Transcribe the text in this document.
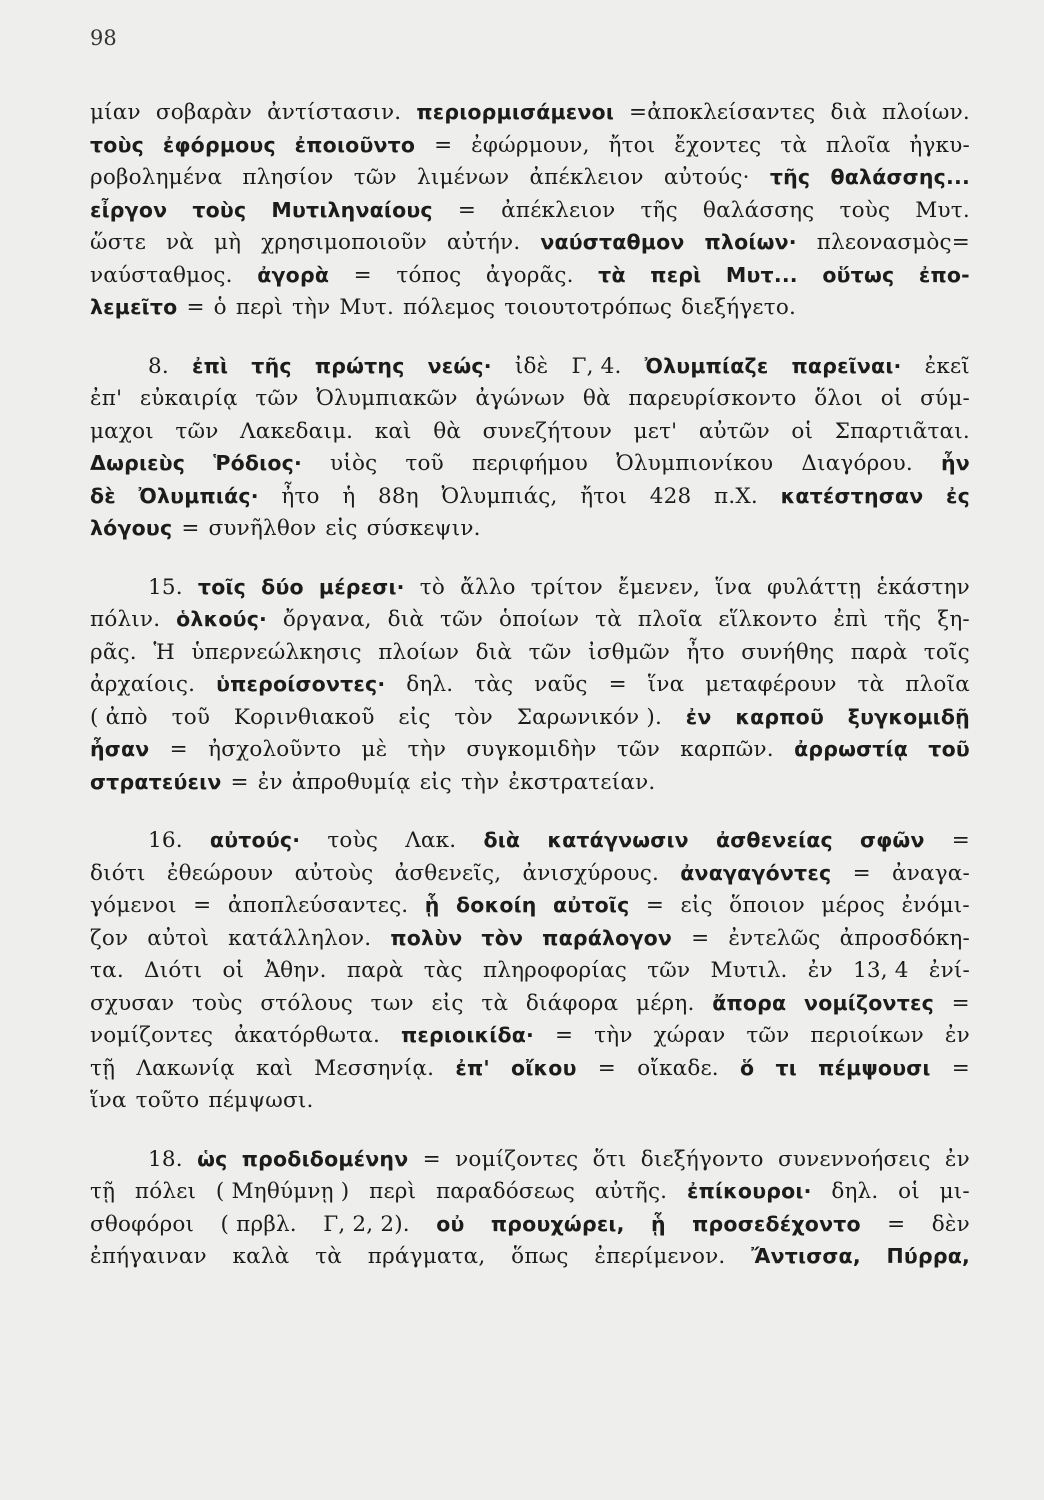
98
μίαν σοβαρὰν ἀντίστασιν. περιορμισάμενοι =ἀποκλείσαντες διὰ πλοίων.
τοὺς ἐφόρμους ἐποιοῦντο = ἐφώρμουν, ἤτοι ἔχοντες τὰ πλοῖα ἠγκυ-
ροβολημένα πλησίον τῶν λιμένων ἀπέκλειον αὐτούς· τῆς θαλάσσης...
εἶργον τοὺς Μυτιληναίους = ἀπέκλειον τῆς θαλάσσης τοὺς Μυτ.
ὥστε νὰ μὴ χρησιμοποιοῦν αὐτήν. ναύσταθμον πλοίων· πλεονασμὸς=
ναύσταθμος. ἀγορὰ = τόπος ἀγορᾶς. τὰ περὶ Μυτ... οὕτως ἐπο-
λεμεῖτο = ὁ περὶ τὴν Μυτ. πόλεμος τοιουτοτρόπως διεξήγετο.
8. ἐπὶ τῆς πρώτης νεώς· ἰδὲ Γ, 4. Ὀλυμπίαζε παρεῖναι· ἐκεῖ
ἐπ' εὐκαιρίᾳ τῶν Ὀλυμπιακῶν ἀγώνων θὰ παρευρίσκοντο ὅλοι οἱ σύμ-
μαχοι τῶν Λακεδαιμ. καὶ θὰ συνεζήτουν μετ' αὐτῶν οἱ Σπαρτιᾶται.
Δωριεὺς Ῥόδιος· υἱὸς τοῦ περιφήμου Ὀλυμπιονίκου Διαγόρου. ἦν
δὲ Ὀλυμπιάς· ἦτο ἡ 88η Ὀλυμπιάς, ἤτοι 428 π.Χ. κατέστησαν ἐς
λόγους = συνῆλθον εἰς σύσκεψιν.
15. τοῖς δύο μέρεσι· τὸ ἄλλο τρίτον ἔμενεν, ἵνα φυλάττῃ ἑκάστην
πόλιν. ὁλκούς· ὄργανα, διὰ τῶν ὁποίων τὰ πλοῖα εἵλκοντο ἐπὶ τῆς ξη-
ρᾶς. Ἡ ὑπερνεώλκησις πλοίων διὰ τῶν ἰσθμῶν ἦτο συνήθης παρὰ τοῖς
ἀρχαίοις. ὑπεροίσοντες· δηλ. τὰς ναῦς = ἵνα μεταφέρουν τὰ πλοῖα
( ἀπὸ τοῦ Κορινθιακοῦ εἰς τὸν Σαρωνικόν ). ἐν καρποῦ ξυγκομιδῇ
ἦσαν = ἠσχολοῦντο μὲ τὴν συγκομιδὴν τῶν καρπῶν. ἀρρωστίᾳ τοῦ
στρατεύειν = ἐν ἀπροθυμίᾳ εἰς τὴν ἐκστρατείαν.
16. αὐτούς· τοὺς Λακ. διὰ κατάγνωσιν ἀσθενείας σφῶν =
διότι ἐθεώρουν αὐτοὺς ἀσθενεῖς, ἀνισχύρους. ἀναγαγόντες = ἀναγα-
γόμενοι = ἀποπλεύσαντες. ᾗ δοκοίη αὐτοῖς = εἰς ὅποιον μέρος ἐνόμι-
ζον αὐτοὶ κατάλληλον. πολὺν τὸν παράλογον = ἐντελῶς ἀπροσδόκη-
τα. Διότι οἱ Ἀθην. παρὰ τὰς πληροφορίας τῶν Μυτιλ. ἐν 13, 4 ἐνί-
σχυσαν τοὺς στόλους των εἰς τὰ διάφορα μέρη. ἄπορα νομίζοντες =
νομίζοντες ἀκατόρθωτα. περιοικίδα· = τὴν χώραν τῶν περιοίκων ἐν
τῇ Λακωνίᾳ καὶ Μεσσηνίᾳ. ἐπ' οἴκου = οἴκαδε. ὅ τι πέμψουσι =
ἵνα τοῦτο πέμψωσι.
18. ὡς προδιδομένην = νομίζοντες ὅτι διεξήγοντο συνεννοήσεις ἐν
τῇ πόλει ( Μηθύμνῃ ) περὶ παραδόσεως αὐτῆς. ἐπίκουροι· δηλ. οἱ μι-
σθοφόροι ( πρβλ. Γ, 2, 2). οὐ προυχώρει, ᾗ προσεδέχοντο = δὲν
ἐπήγαιναν καλὰ τὰ πράγματα, ὅπως ἐπερίμενον. Ἄντισσα, Πύρρα,
